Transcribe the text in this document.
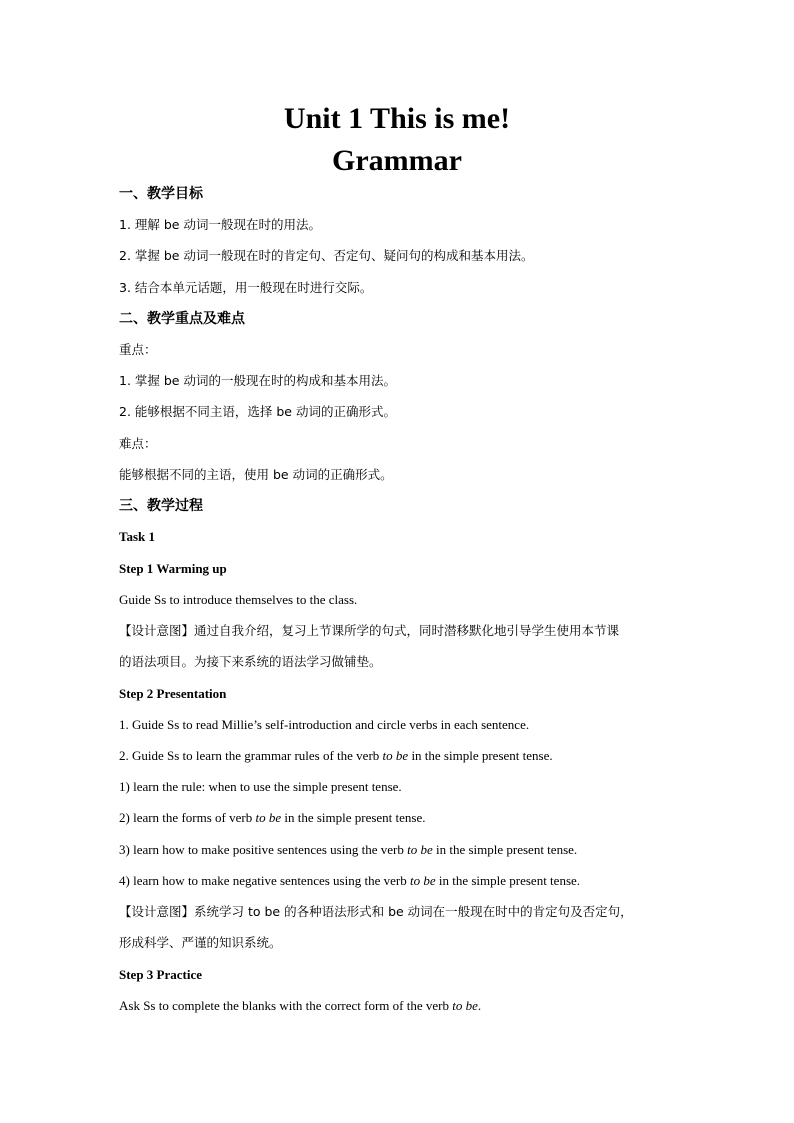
Unit 1 This is me!
Grammar

一、教学目标

1. 理解 be 动词一般现在时的用法。

2. 掌握 be 动词一般现在时的肯定句、否定句、疑问句的构成和基本用法。

3. 结合本单元话题，用一般现在时进行交际。

二、教学重点及难点

重点：

1. 掌握 be 动词的一般现在时的构成和基本用法。

2. 能够根据不同主语，选择 be 动词的正确形式。

难点：

能够根据不同的主语，使用 be 动词的正确形式。

三、教学过程

Task 1

Step 1 Warming up

Guide Ss to introduce themselves to the class.

【设计意图】通过自我介绍，复习上节课所学的句式，同时潜移默化地引导学生使用本节课

的语法项目。为接下来系统的语法学习做铺垫。

Step 2 Presentation

1. Guide Ss to read Millie’s self-introduction and circle verbs in each sentence.

2. Guide Ss to learn the grammar rules of the verb to be in the simple present tense.

1) learn the rule: when to use the simple present tense.

2) learn the forms of verb to be in the simple present tense.

3) learn how to make positive sentences using the verb to be in the simple present tense.

4) learn how to make negative sentences using the verb to be in the simple present tense.

【设计意图】系统学习 to be 的各种语法形式和 be 动词在一般现在时中的肯定句及否定句，

形成科学、严谨的知识系统。

Step 3 Practice

Ask Ss to complete the blanks with the correct form of the verb to be.
